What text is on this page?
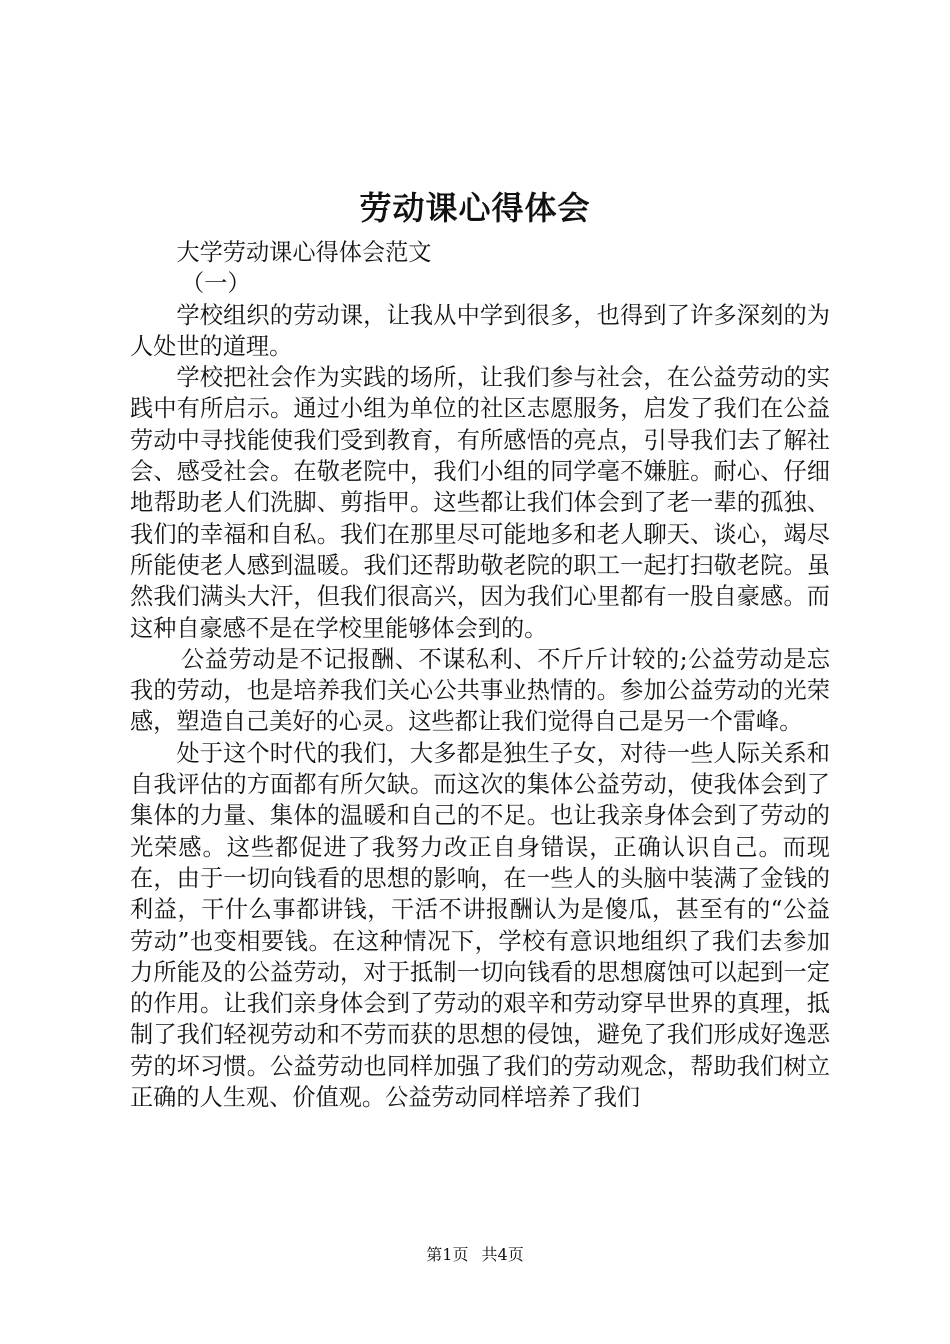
劳动课心得体会

大学劳动课心得体会范文

（一）

学校组织的劳动课，让我从中学到很多，也得到了许多深刻的为人处世的道理。

学校把社会作为实践的场所，让我们参与社会，在公益劳动的实践中有所启示。通过小组为单位的社区志愿服务，启发了我们在公益劳动中寻找能使我们受到教育，有所感悟的亮点，引导我们去了解社会、感受社会。在敬老院中，我们小组的同学毫不嫌脏。耐心、仔细地帮助老人们洗脚、剪指甲。这些都让我们体会到了老一辈的孤独、我们的幸福和自私。我们在那里尽可能地多和老人聊天、谈心，竭尽所能使老人感到温暖。我们还帮助敬老院的职工一起打扫敬老院。虽然我们满头大汗，但我们很高兴，因为我们心里都有一股自豪感。而这种自豪感不是在学校里能够体会到的。

公益劳动是不记报酬、不谋私利、不斤斤计较的;公益劳动是忘我的劳动，也是培养我们关心公共事业热情的。参加公益劳动的光荣感，塑造自己美好的心灵。这些都让我们觉得自己是另一个雷峰。

处于这个时代的我们，大多都是独生子女，对待一些人际关系和自我评估的方面都有所欠缺。而这次的集体公益劳动，使我体会到了集体的力量、集体的温暖和自己的不足。也让我亲身体会到了劳动的光荣感。这些都促进了我努力改正自身错误，正确认识自己。而现在，由于一切向钱看的思想的影响，在一些人的头脑中装满了金钱的利益，干什么事都讲钱，干活不讲报酬认为是傻瓜，甚至有的“公益劳动”也变相要钱。在这种情况下，学校有意识地组织了我们去参加力所能及的公益劳动，对于抵制一切向钱看的思想腐蚀可以起到一定的作用。让我们亲身体会到了劳动的艰辛和劳动穿早世界的真理，抵制了我们轻视劳动和不劳而获的思想的侵蚀，避免了我们形成好逸恶劳的坏习惯。公益劳动也同样加强了我们的劳动观念，帮助我们树立正确的人生观、价值观。公益劳动同样培养了我们

第1页 共4页
